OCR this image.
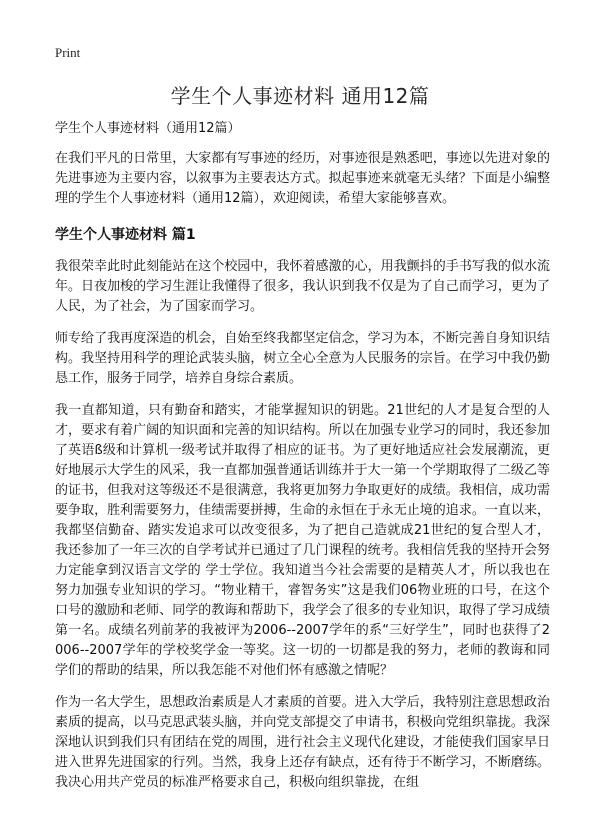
Print
学生个人事迹材料 通用12篇

学生个人事迹材料（通用12篇）

在我们平凡的日常里，大家都有写事迹的经历，对事迹很是熟悉吧，事迹以先进对象的先进事迹为主要内容，以叙事为主要表达方式。拟起事迹来就毫无头绪？下面是小编整理的学生个人事迹材料（通用12篇），欢迎阅读，希望大家能够喜欢。

学生个人事迹材料 篇1

我很荣幸此时此刻能站在这个校园中，我怀着感激的心，用我颤抖的手书写我的似水流年。日夜加梭的学习生涯让我懂得了很多，我认识到我不仅是为了自己而学习，更为了人民，为了社会，为了国家而学习。

师专给了我再度深造的机会，自始至终我都坚定信念，学习为本，不断完善自身知识结构。我坚持用科学的理论武装头脑，树立全心全意为人民服务的宗旨。在学习中我仍勤恳工作，服务于同学，培养自身综合素质。

我一直都知道，只有勤奋和踏实，才能掌握知识的钥匙。21世纪的人才是复合型的人才，要求有着广阔的知识面和完善的知识结构。所以在加强专业学习的同时，我还参加了英语ß级和计算机一级考试并取得了相应的证书。为了更好地适应社会发展潮流，更好地展示大学生的风采，我一直都加强普通话训练并于大一第一个学期取得了二级乙等的证书，但我对这等级还不是很满意，我将更加努力争取更好的成绩。我相信，成功需要争取，胜利需要努力，佳绩需要拼搏，生命的永恒在于永无止境的追求。一直以来，我都坚信勤奋、踏实发追求可以改变很多，为了把自己造就成21世纪的复合型人才，我还参加了一年三次的自学考试并已通过了几门课程的统考。我相信凭我的坚持开会努力定能拿到汉语言文学的 学士学位。我知道当今社会需要的是精英人才，所以我也在努力加强专业知识的学习。“物业精干，睿智务实”这是我们06物业班的口号，在这个口号的激励和老师、同学的教诲和帮助下，我学会了很多的专业知识，取得了学习成绩第一名。成绩名列前茅的我被评为2006--2007学年的系“三好学生”，同时也获得了2006--2007学年的学校奖学金一等奖。这一切的一切都是我的努力，老师的教诲和同学们的帮助的结果，所以我怎能不对他们怀有感激之情呢？

作为一名大学生，思想政治素质是人才素质的首要。进入大学后，我特别注意思想政治素质的提高，以马克思武装头脑，并向党支部提交了申请书，积极向党组织靠拢。我深深地认识到我们只有团结在党的周围，进行社会主义现代化建设，才能使我们国家早日进入世界先进国家的行列。当然，我身上还存有缺点，还有待于不断学习，不断磨练。我决心用共产党员的标准严格要求自己，积极向组织靠拢，在组
